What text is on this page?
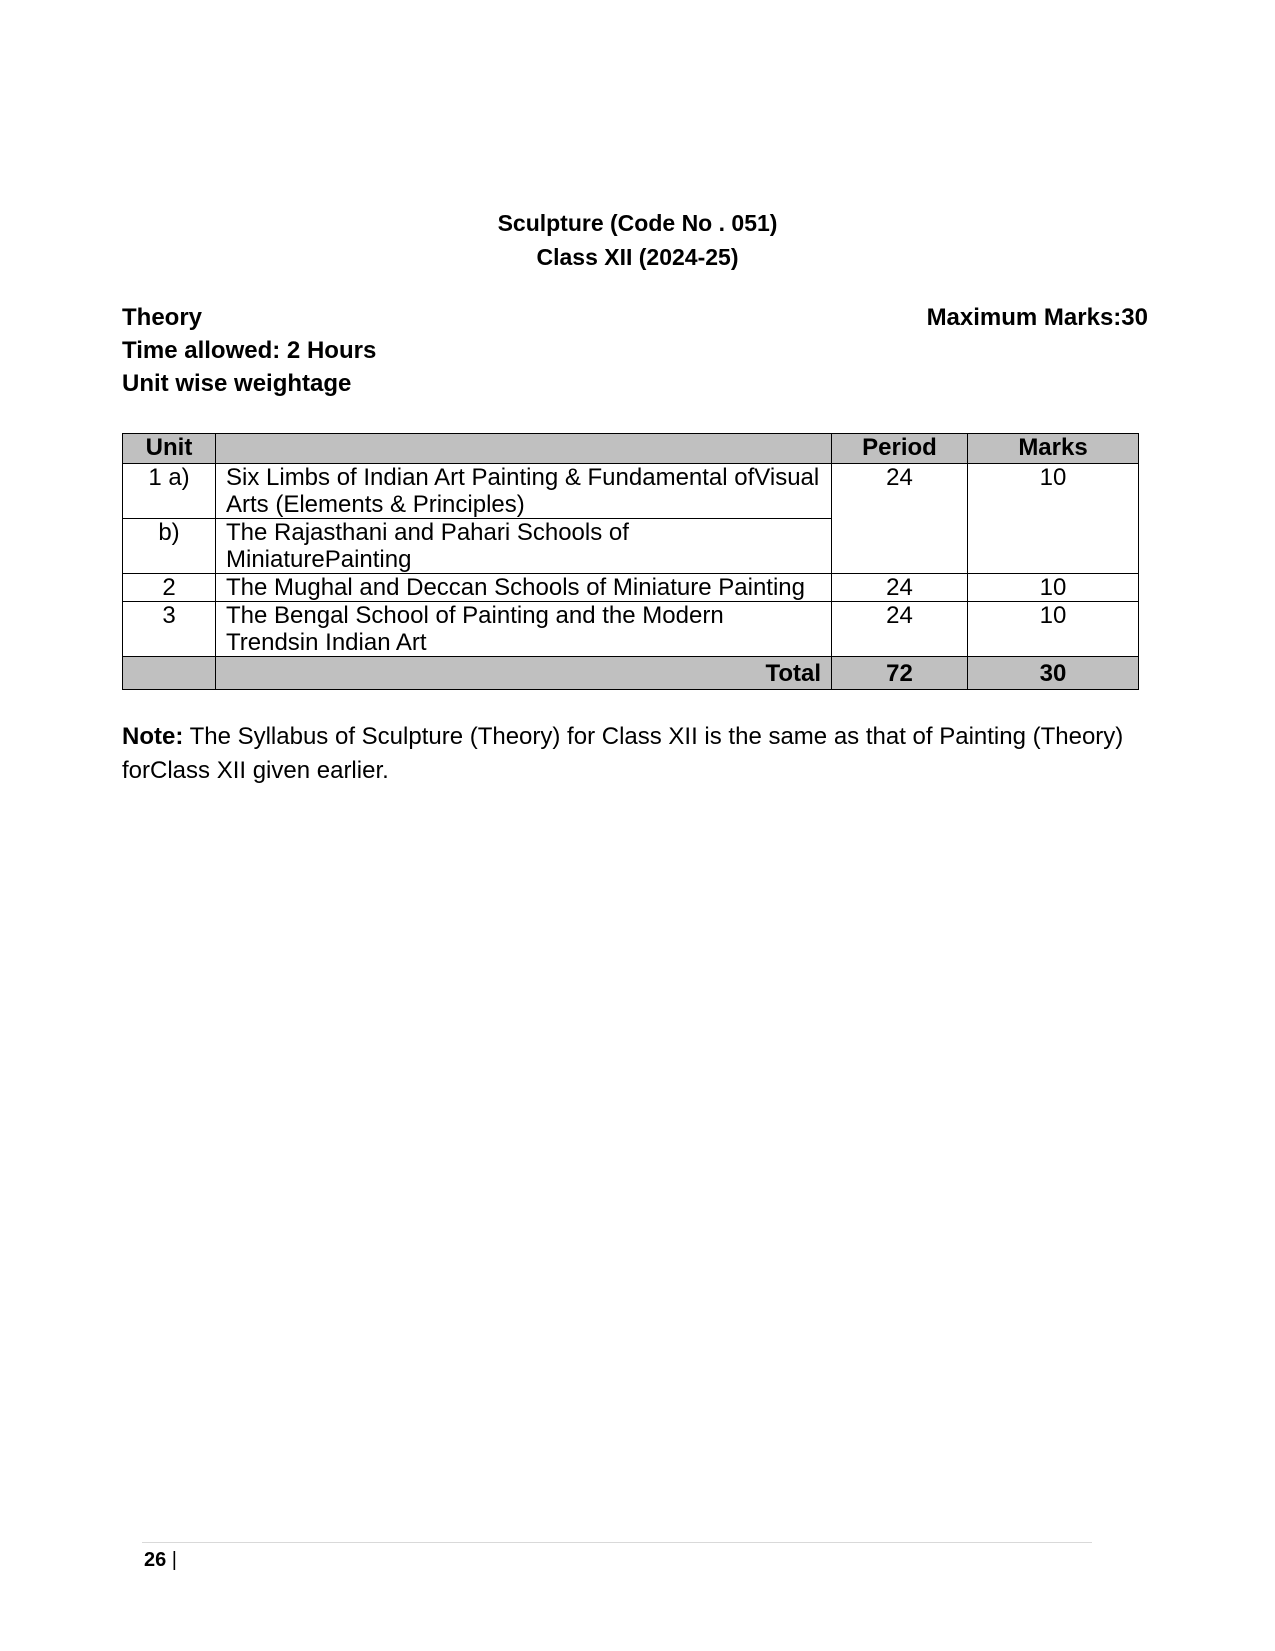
Sculpture (Code No . 051)
Class XII (2024-25)
Theory
Time allowed: 2 Hours
Unit wise weightage
Maximum Marks:30
Unit		Period	Marks
1 a)	Six Limbs of Indian Art Painting & Fundamental ofVisual Arts (Elements & Principles)	24	10
b)	The Rajasthani and Pahari Schools of MiniaturePainting		
2	The Mughal and Deccan Schools of Miniature Painting	24	10
3	The Bengal School of Painting and the Modern Trendsin Indian Art	24	10
	Total	72	30
Note: The Syllabus of Sculpture (Theory) for Class XII is the same as that of Painting (Theory) forClass XII given earlier.
26 |
